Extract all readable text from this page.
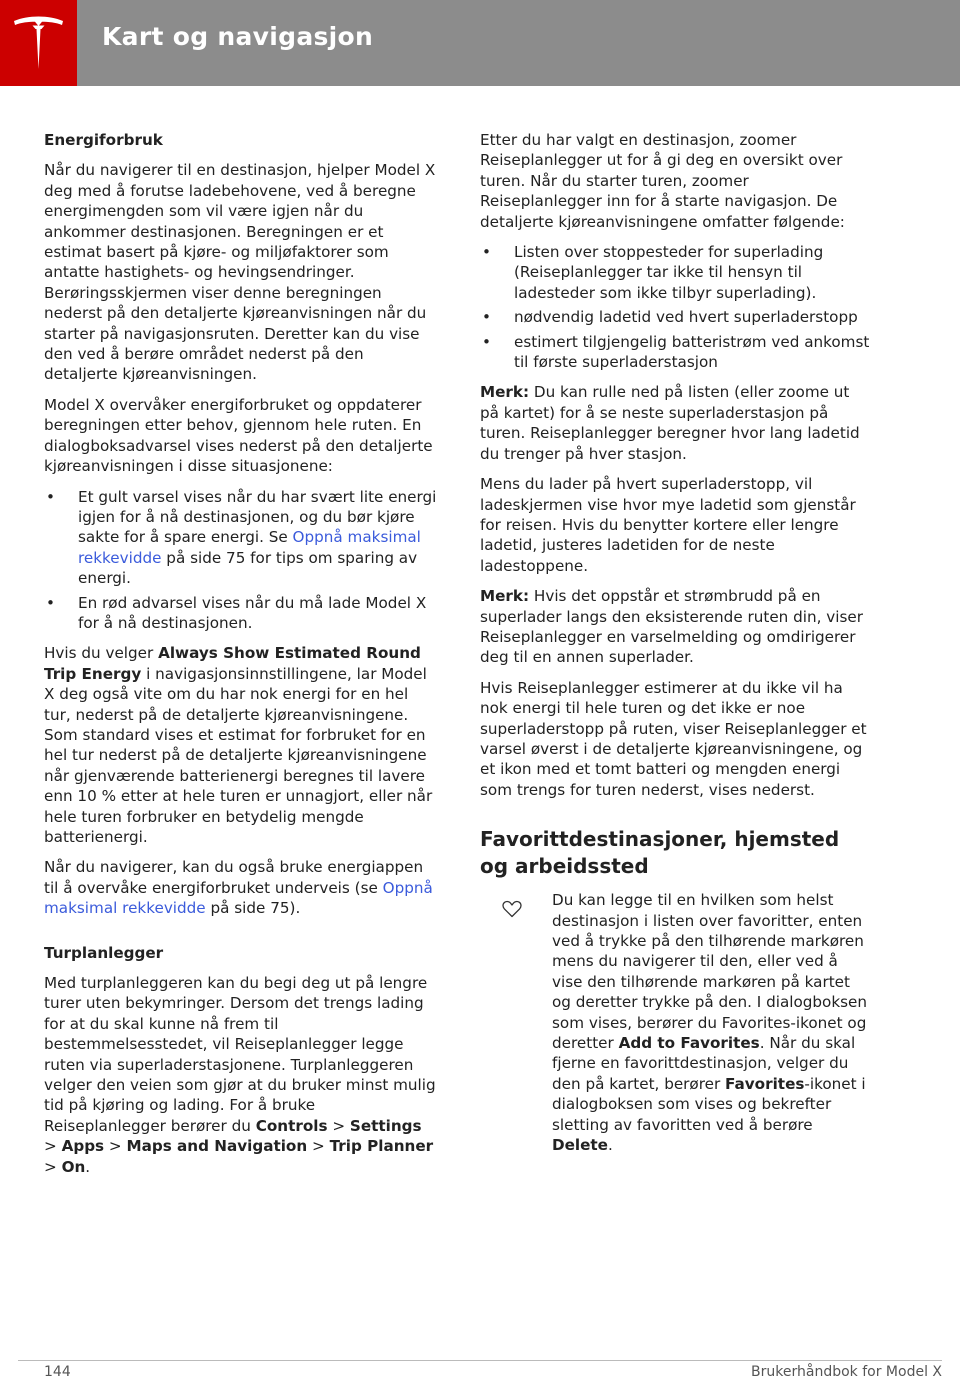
Kart og navigasjon
Energiforbruk

Når du navigerer til en destinasjon, hjelper Model X deg med å forutse ladebehovene, ved å beregne energimengden som vil være igjen når du ankommer destinasjonen. Beregningen er et estimat basert på kjøre- og miljøfaktorer som antatte hastighets- og hevingsendringer. Berøringsskjermen viser denne beregningen nederst på den detaljerte kjøreanvisningen når du starter på navigasjonsruten. Deretter kan du vise den ved å berøre området nederst på den detaljerte kjøreanvisningen.

Model X overvåker energiforbruket og oppdaterer beregningen etter behov, gjennom hele ruten. En dialogboksadvarsel vises nederst på den detaljerte kjøreanvisningen i disse situasjonene:

• Et gult varsel vises når du har svært lite energi igjen for å nå destinasjonen, og du bør kjøre sakte for å spare energi. Se Oppnå maksimal rekkevidde på side 75 for tips om sparing av energi.
• En rød advarsel vises når du må lade Model X for å nå destinasjonen.

Hvis du velger Always Show Estimated Round Trip Energy i navigasjonsinnstillingene, lar Model X deg også vite om du har nok energi for en hel tur, nederst på de detaljerte kjøreanvisningene. Som standard vises et estimat for forbruket for en hel tur nederst på de detaljerte kjøreanvisningene når gjenværende batterienergi beregnes til lavere enn 10 % etter at hele turen er unnagjort, eller når hele turen forbruker en betydelig mengde batterienergi.

Når du navigerer, kan du også bruke energiappen til å overvåke energiforbruket underveis (se Oppnå maksimal rekkevidde på side 75).

Turplanlegger

Med turplanleggeren kan du begi deg ut på lengre turer uten bekymringer. Dersom det trengs lading for at du skal kunne nå frem til bestemmelsesstedet, vil Reiseplanlegger legge ruten via superladerstasjonene. Turplanleggeren velger den veien som gjør at du bruker minst mulig tid på kjøring og lading. For å bruke Reiseplanlegger berører du Controls > Settings > Apps > Maps and Navigation > Trip Planner > On.

Etter du har valgt en destinasjon, zoomer Reiseplanlegger ut for å gi deg en oversikt over turen. Når du starter turen, zoomer Reiseplanlegger inn for å starte navigasjon. De detaljerte kjøreanvisningene omfatter følgende:

• Listen over stoppesteder for superlading (Reiseplanlegger tar ikke til hensyn til ladesteder som ikke tilbyr superlading).
• nødvendig ladetid ved hvert superladerstopp
• estimert tilgjengelig batteristrøm ved ankomst til første superladerstasjon

Merk: Du kan rulle ned på listen (eller zoome ut på kartet) for å se neste superladerstasjon på turen. Reiseplanlegger beregner hvor lang ladetid du trenger på hver stasjon.

Mens du lader på hvert superladerstopp, vil ladeskjermen vise hvor mye ladetid som gjenstår for reisen. Hvis du benytter kortere eller lengre ladetid, justeres ladetiden for de neste ladestoppene.

Merk: Hvis det oppstår et strømbrudd på en superlader langs den eksisterende ruten din, viser Reiseplanlegger en varselmelding og omdirigerer deg til en annen superlader.

Hvis Reiseplanlegger estimerer at du ikke vil ha nok energi til hele turen og det ikke er noe superladerstopp på ruten, viser Reiseplanlegger et varsel øverst i de detaljerte kjøreanvisningene, og et ikon med et tomt batteri og mengden energi som trengs for turen nederst, vises nederst.

Favorittdestinasjoner, hjemsted og arbeidssted

Du kan legge til en hvilken som helst destinasjon i listen over favoritter, enten ved å trykke på den tilhørende markøren mens du navigerer til den, eller ved å vise den tilhørende markøren på kartet og deretter trykke på den. I dialogboksen som vises, berører du Favorites-ikonet og deretter Add to Favorites. Når du skal fjerne en favorittdestinasjon, velger du den på kartet, berører Favorites-ikonet i dialogboksen som vises og bekrefter sletting av favoritten ved å berøre Delete.

144	Brukerhåndbok for Model X
